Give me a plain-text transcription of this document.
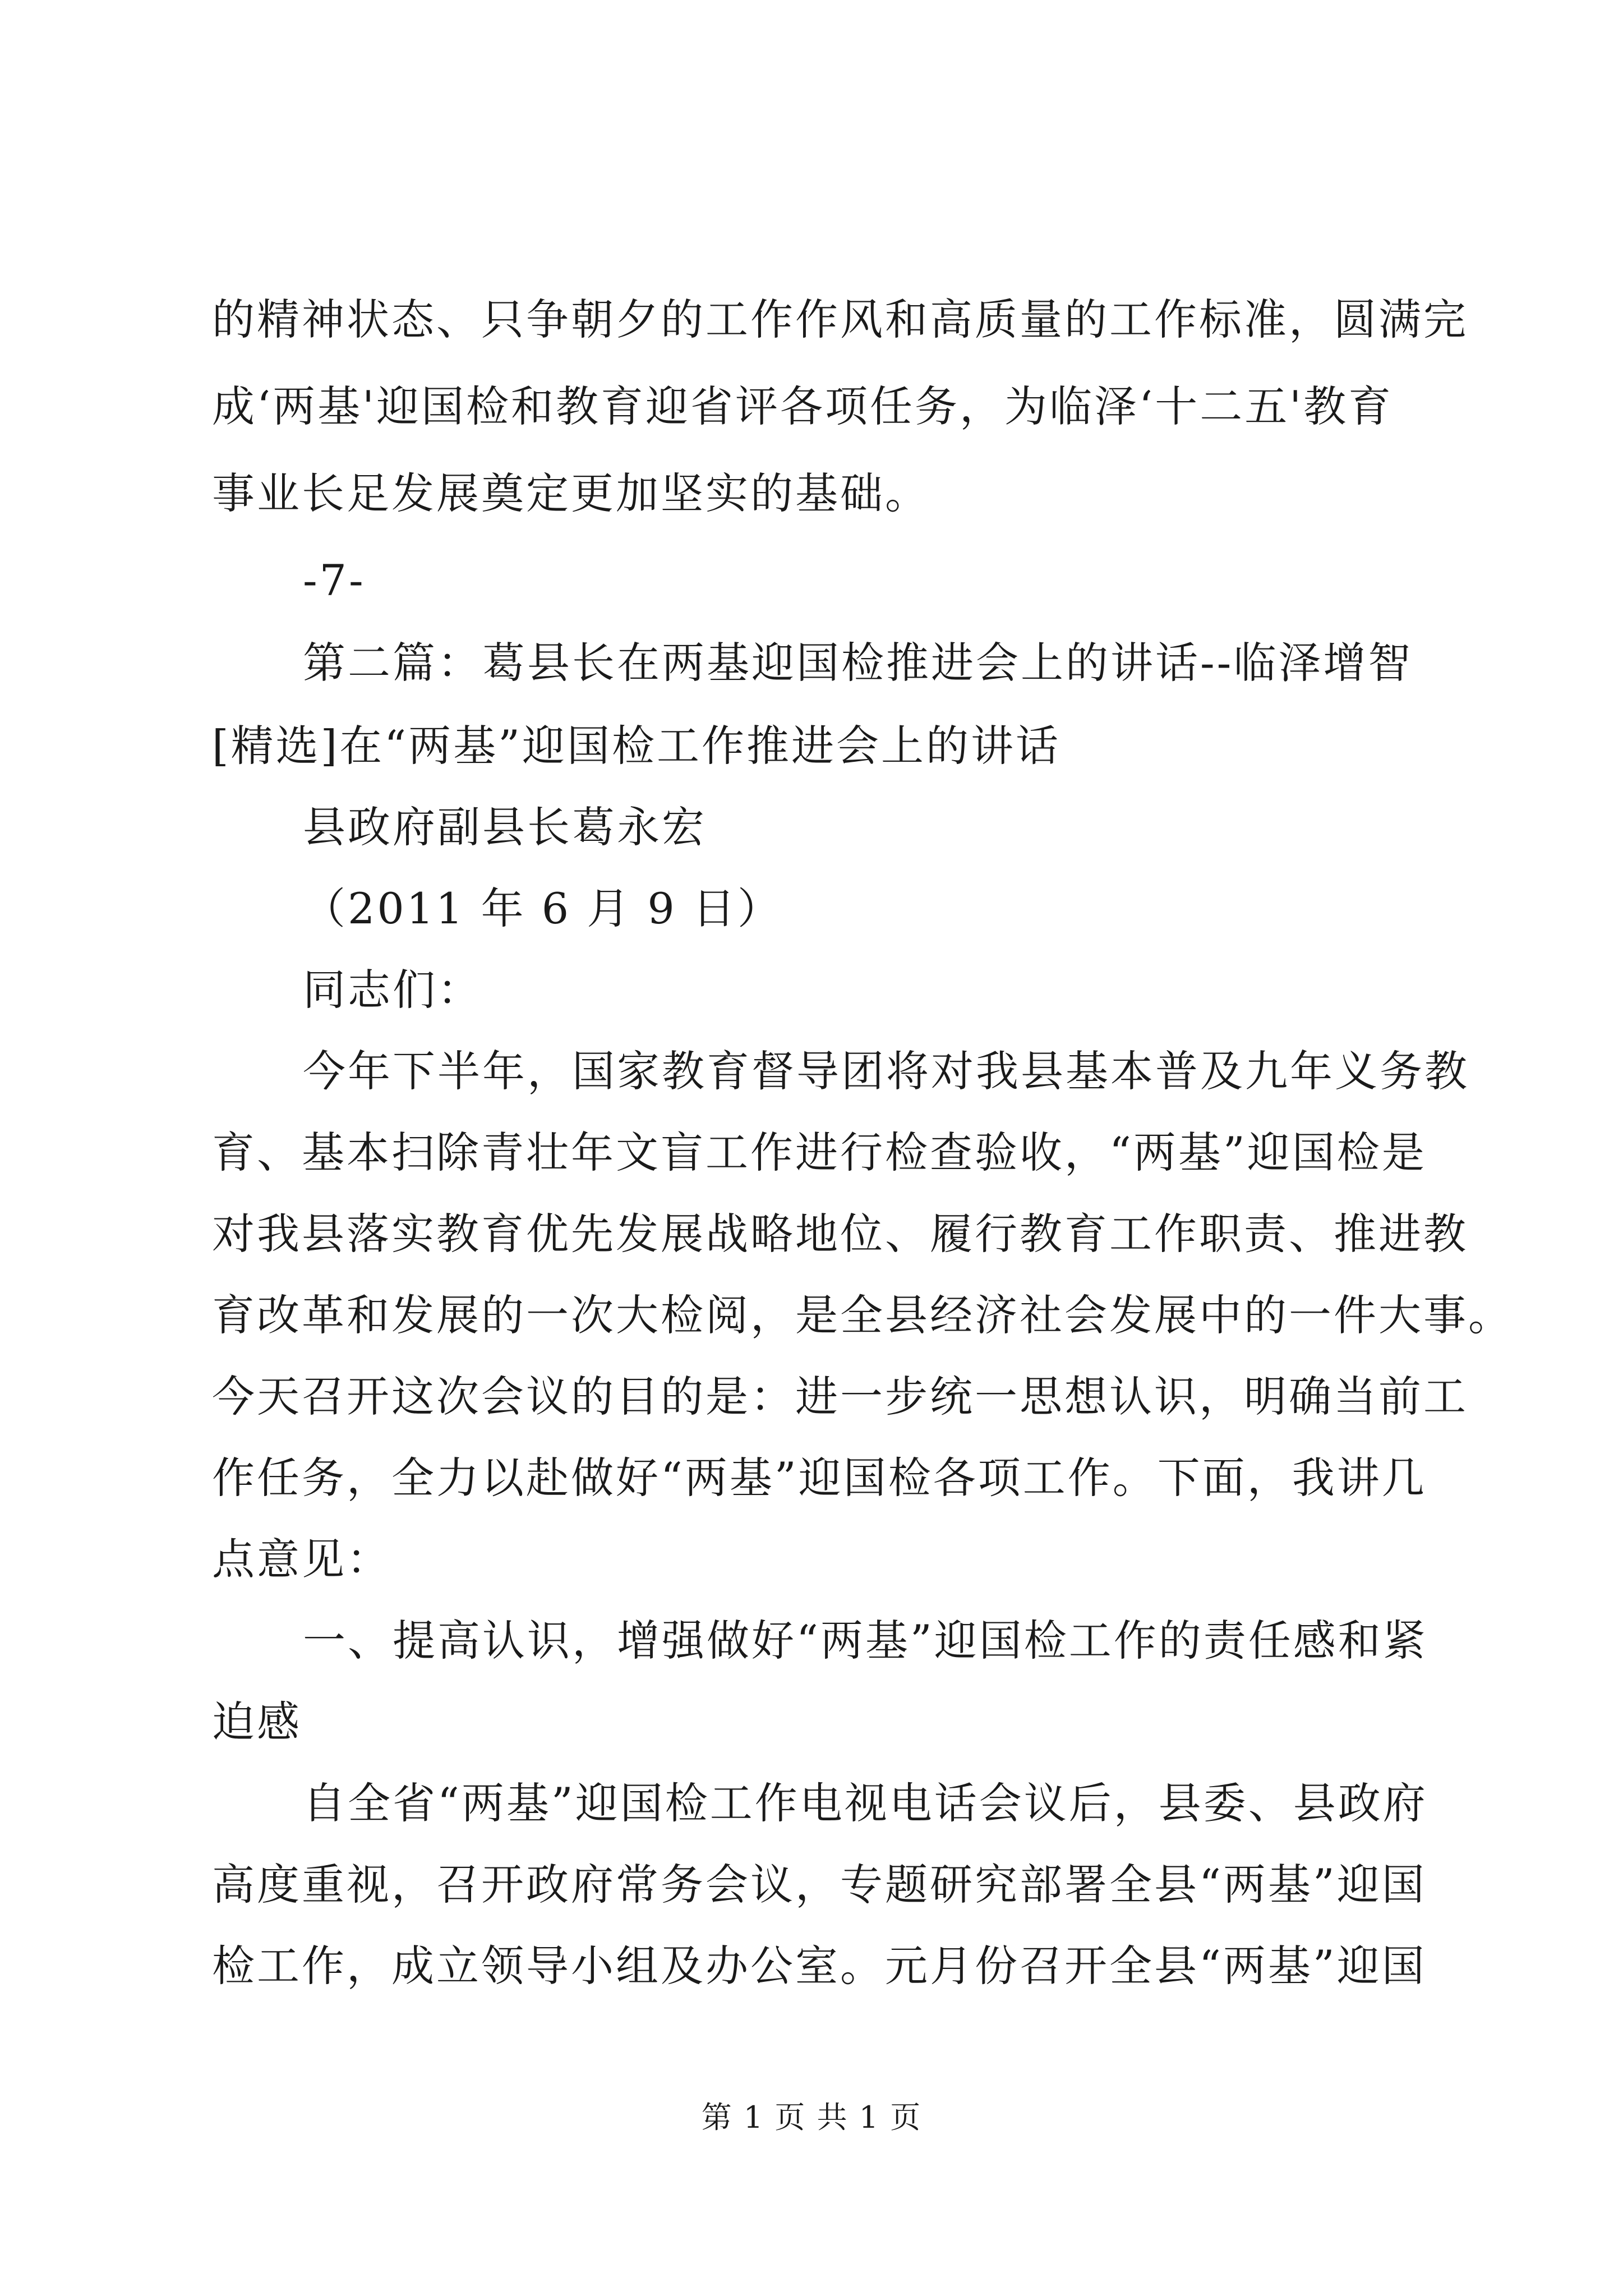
的精神状态、只争朝夕的工作作风和高质量的工作标准，圆满完
成‘两基'迎国检和教育迎省评各项任务，为临泽‘十二五'教育
事业长足发展奠定更加坚实的基础。
-7-
第二篇：葛县长在两基迎国检推进会上的讲话--临泽增智
[精选]在“两基”迎国检工作推进会上的讲话
县政府副县长葛永宏
（2011 年 6 月 9 日）
同志们：
今年下半年，国家教育督导团将对我县基本普及九年义务教
育、基本扫除青壮年文盲工作进行检查验收，“两基”迎国检是
对我县落实教育优先发展战略地位、履行教育工作职责、推进教
育改革和发展的一次大检阅，是全县经济社会发展中的一件大事。
今天召开这次会议的目的是：进一步统一思想认识，明确当前工
作任务，全力以赴做好“两基”迎国检各项工作。下面，我讲几
点意见：
一、提高认识，增强做好“两基”迎国检工作的责任感和紧
迫感
自全省“两基”迎国检工作电视电话会议后，县委、县政府
高度重视，召开政府常务会议，专题研究部署全县“两基”迎国
检工作，成立领导小组及办公室。元月份召开全县“两基”迎国
第 1 页 共 1 页
